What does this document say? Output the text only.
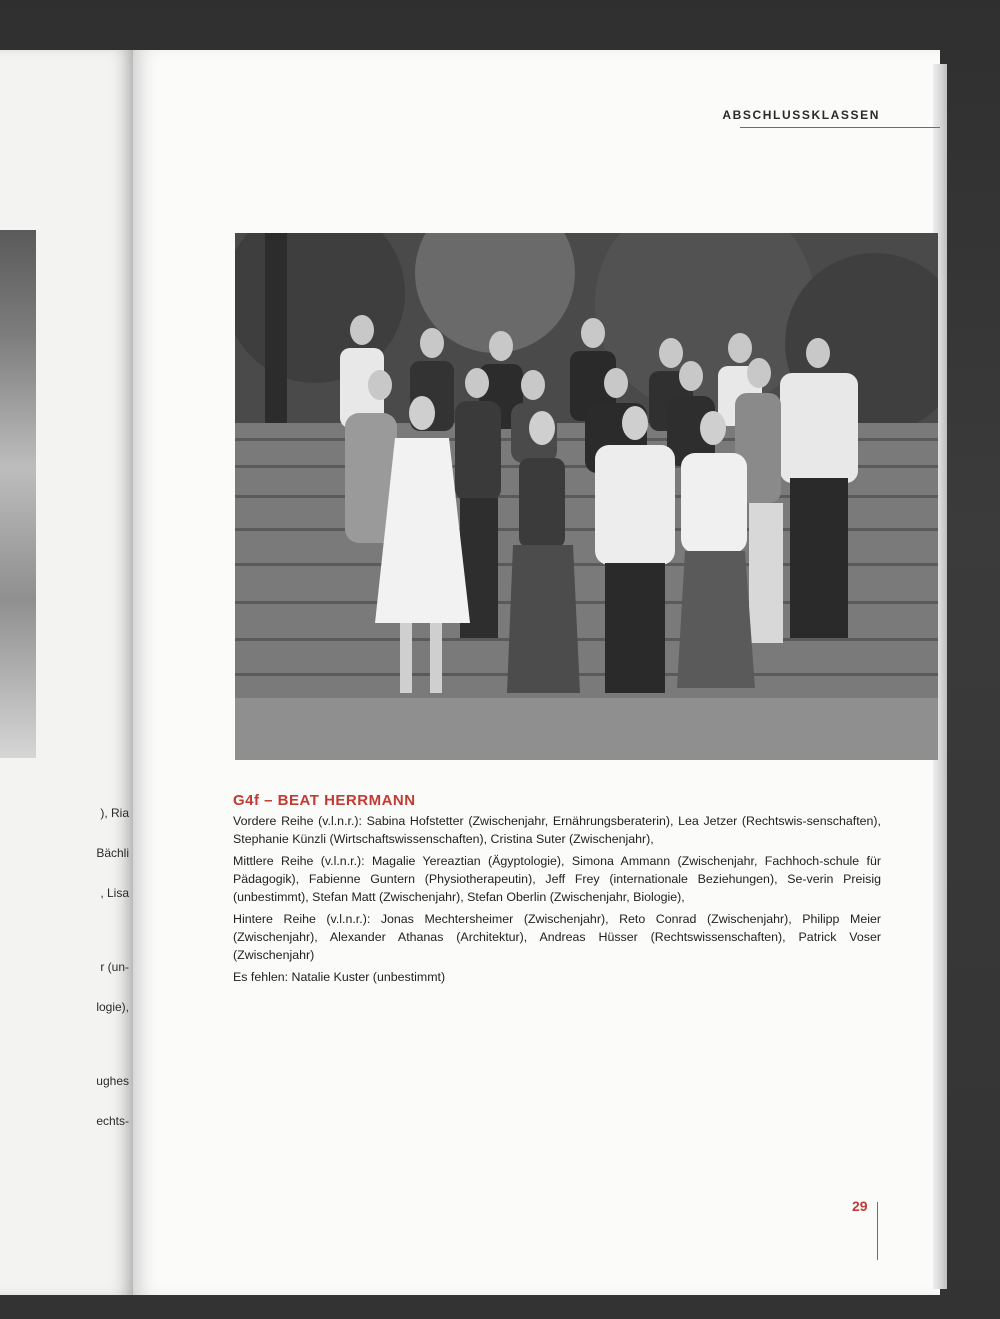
), Ria

Bächli

, Lisa

r (un-

logie),

ughes

echts-

ABSCHLUSSKLASSEN
G4f – BEAT HERRMANN

Vordere Reihe (v.l.n.r.): Sabina Hofstetter (Zwischenjahr, Ernährungsberaterin), Lea Jetzer (Rechtswis-senschaften), Stephanie Künzli (Wirtschaftswissenschaften), Cristina Suter (Zwischenjahr),

Mittlere Reihe (v.l.n.r.): Magalie Yereaztian (Ägyptologie), Simona Ammann (Zwischenjahr, Fachhoch-schule für Pädagogik), Fabienne Guntern (Physiotherapeutin), Jeff Frey (internationale Beziehungen), Se-verin Preisig (unbestimmt), Stefan Matt (Zwischenjahr), Stefan Oberlin (Zwischenjahr, Biologie),

Hintere Reihe (v.l.n.r.): Jonas Mechtersheimer (Zwischenjahr), Reto Conrad (Zwischenjahr), Philipp Meier (Zwischenjahr), Alexander Athanas (Architektur), Andreas Hüsser (Rechtswissenschaften), Patrick Voser (Zwischenjahr)

Es fehlen: Natalie Kuster (unbestimmt)

29
